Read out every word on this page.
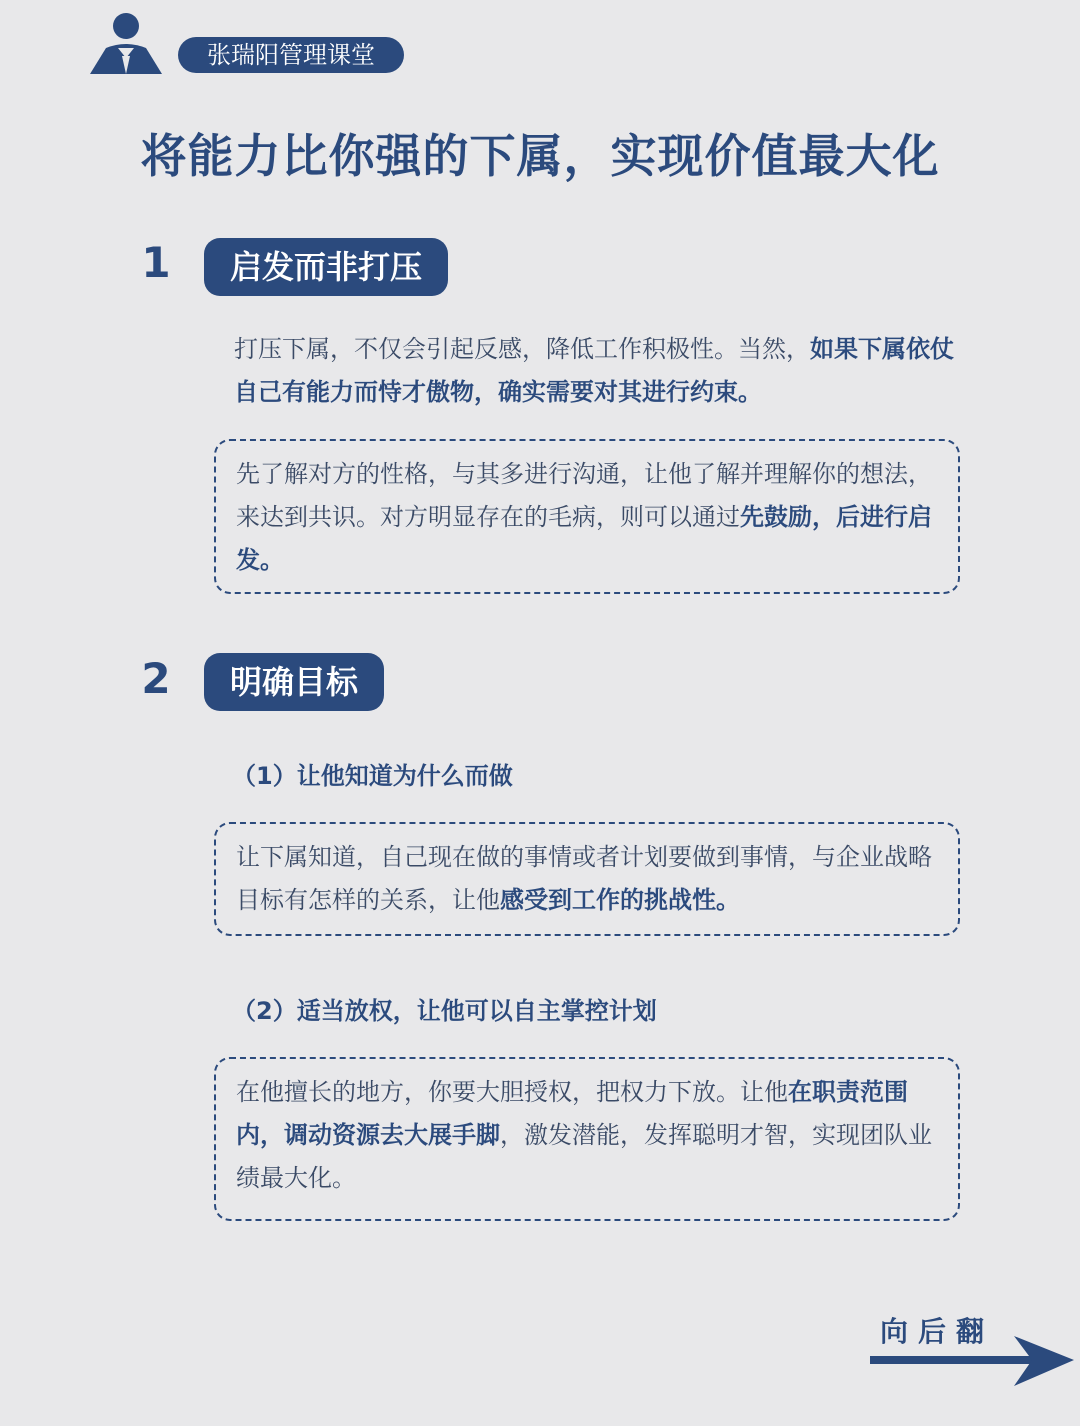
张瑞阳管理课堂
将能力比你强的下属，实现价值最大化
1	启发而非打压
打压下属，不仅会引起反感，降低工作积极性。当然，如果下属依仗自己有能力而恃才傲物，确实需要对其进行约束。
先了解对方的性格，与其多进行沟通，让他了解并理解你的想法，来达到共识。对方明显存在的毛病，则可以通过先鼓励，后进行启发。
2	明确目标
（1）让他知道为什么而做
让下属知道，自己现在做的事情或者计划要做到事情，与企业战略目标有怎样的关系，让他感受到工作的挑战性。
（2）适当放权，让他可以自主掌控计划
在他擅长的地方，你要大胆授权，把权力下放。让他在职责范围内，调动资源去大展手脚，激发潜能，发挥聪明才智，实现团队业绩最大化。
向后翻
